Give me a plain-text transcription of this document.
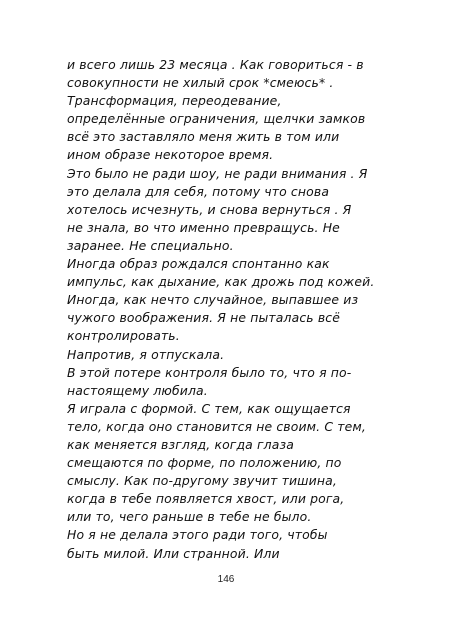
и всего лишь 23 месяца . Как говориться - в
совокупности не хилый срок *смеюсь* .
Трансформация, переодевание,
определённые ограничения, щелчки замков
всё это заставляло меня жить в том или
ином образе некоторое время.
Это было не ради шоу, не ради внимания . Я
это делала для себя, потому что снова
хотелось исчезнуть, и снова вернуться . Я
не знала, во что именно превращусь. Не
заранее. Не специально.
Иногда образ рождался спонтанно как
импульс, как дыхание, как дрожь под кожей.
Иногда, как нечто случайное, выпавшее из
чужого воображения. Я не пыталась всё
контролировать.
Напротив, я отпускала.
В этой потере контроля было то, что я по-
настоящему любила.
Я играла с формой. С тем, как ощущается
тело, когда оно становится не своим. С тем,
как меняется взгляд, когда глаза
смещаются по форме, по положению, по
смыслу. Как по-другому звучит тишина,
когда в тебе появляется хвост, или рога,
или то, чего раньше в тебе не было.
Но я не делала этого ради того, чтобы
быть милой. Или странной. Или
146
